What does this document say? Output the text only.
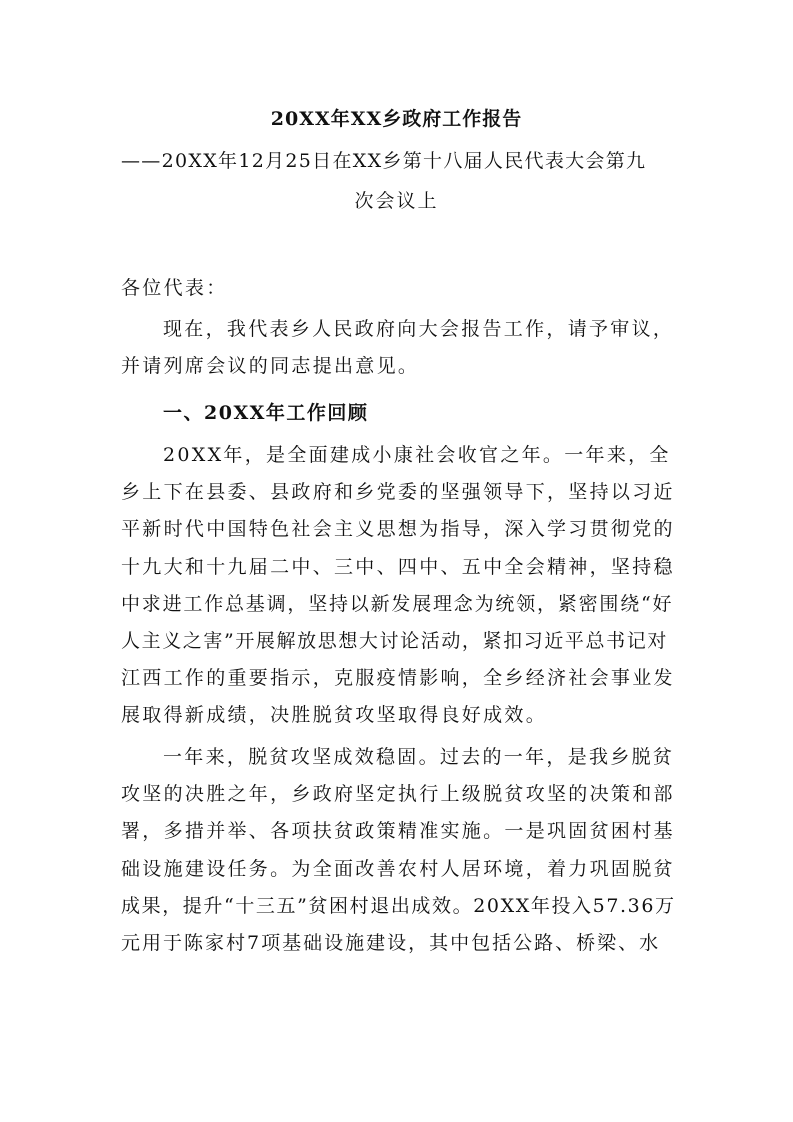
20XX年XX乡政府工作报告
——20XX年12月25日在XX乡第十八届人民代表大会第九
次会议上
各位代表：
现在，我代表乡人民政府向大会报告工作，请予审议，
并请列席会议的同志提出意见。
一、20XX年工作回顾
20XX年，是全面建成小康社会收官之年。一年来，全
乡上下在县委、县政府和乡党委的坚强领导下，坚持以习近
平新时代中国特色社会主义思想为指导，深入学习贯彻党的
十九大和十九届二中、三中、四中、五中全会精神，坚持稳
中求进工作总基调，坚持以新发展理念为统领，紧密围绕“好
人主义之害”开展解放思想大讨论活动，紧扣习近平总书记对
江西工作的重要指示，克服疫情影响，全乡经济社会事业发
展取得新成绩，决胜脱贫攻坚取得良好成效。
一年来，脱贫攻坚成效稳固。过去的一年，是我乡脱贫
攻坚的决胜之年，乡政府坚定执行上级脱贫攻坚的决策和部
署，多措并举、各项扶贫政策精准实施。一是巩固贫困村基
础设施建设任务。为全面改善农村人居环境，着力巩固脱贫
成果，提升“十三五”贫困村退出成效。20XX年投入57.36万
元用于陈家村7项基础设施建设，其中包括公路、桥梁、水
